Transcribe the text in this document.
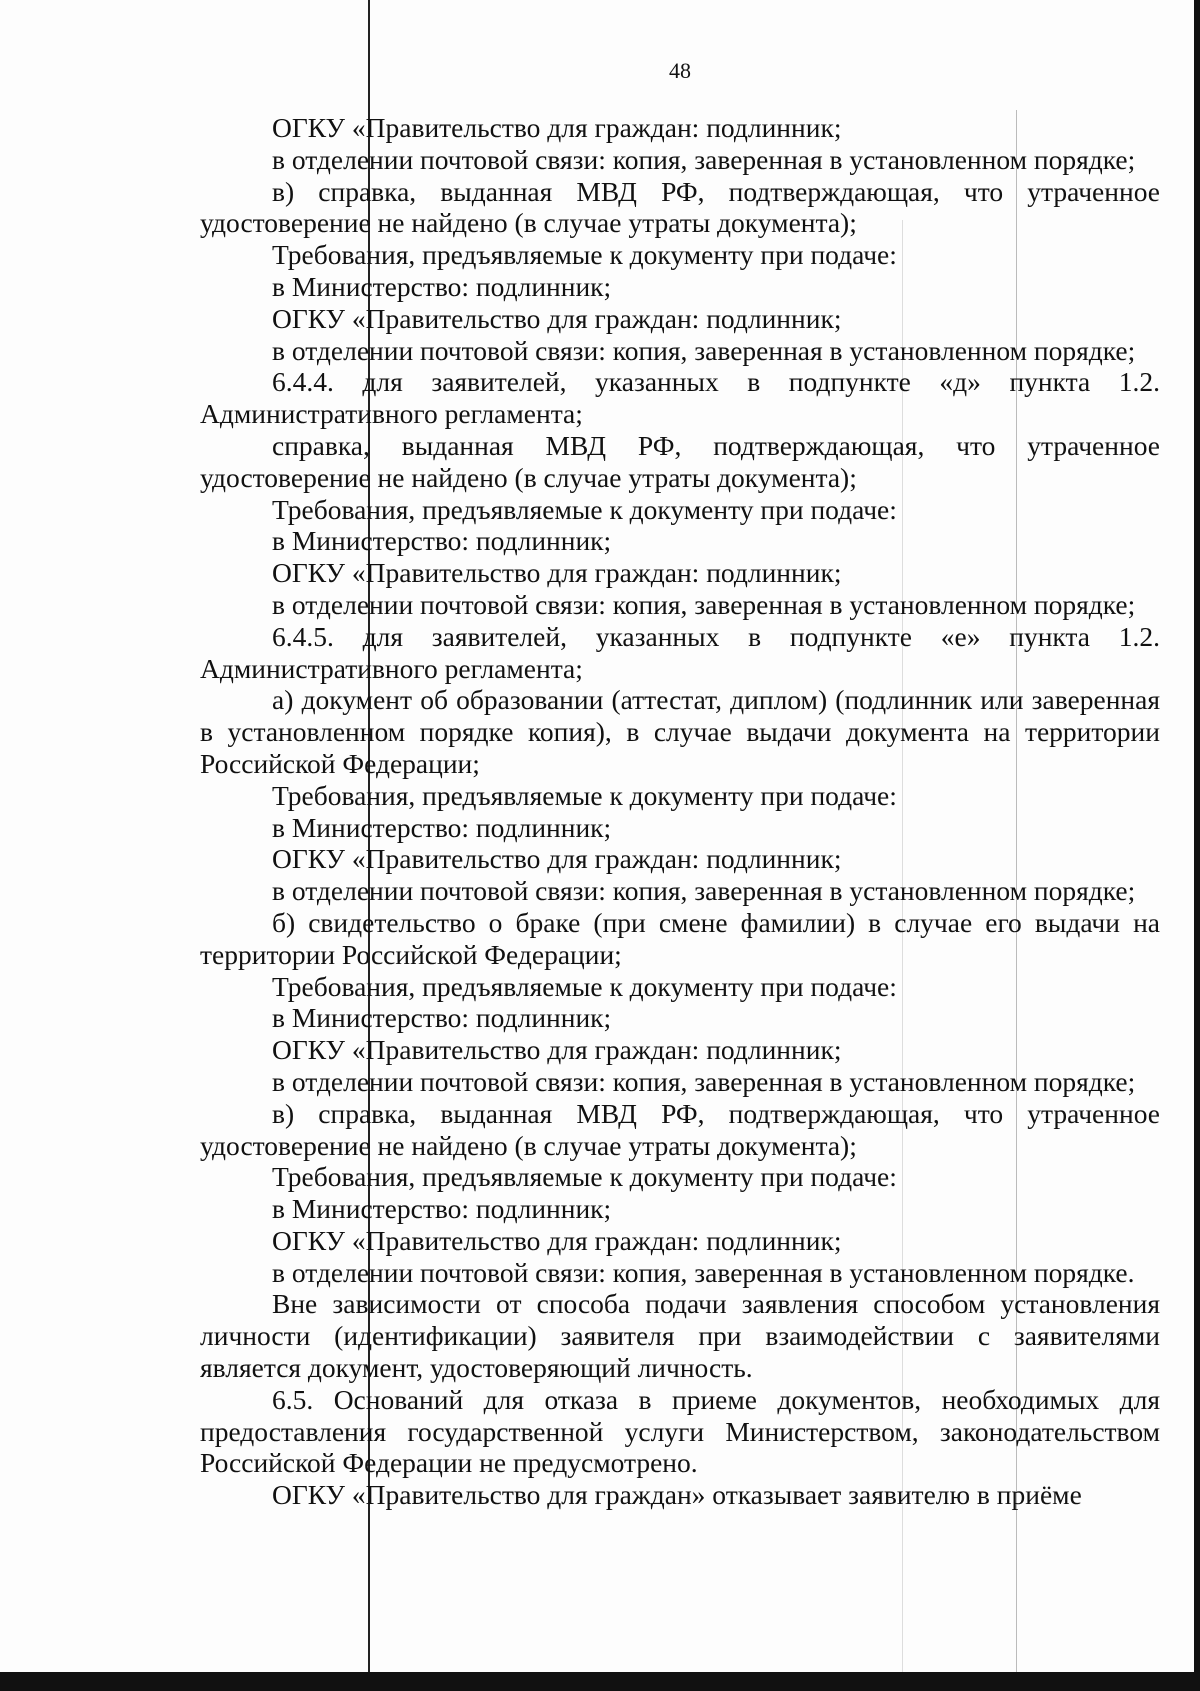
48

ОГКУ «Правительство для граждан: подлинник;

в отделении почтовой связи: копия, заверенная в установленном порядке;

в) справка, выданная МВД РФ, подтверждающая, что утраченное удостоверение не найдено (в случае утраты документа);

Требования, предъявляемые к документу при подаче:

в Министерство: подлинник;

ОГКУ «Правительство для граждан: подлинник;

в отделении почтовой связи: копия, заверенная в установленном порядке;

6.4.4. для заявителей, указанных в подпункте «д» пункта 1.2. Административного регламента;

справка, выданная МВД РФ, подтверждающая, что утраченное удостоверение не найдено (в случае утраты документа);

Требования, предъявляемые к документу при подаче:

в Министерство: подлинник;

ОГКУ «Правительство для граждан: подлинник;

в отделении почтовой связи: копия, заверенная в установленном порядке;

6.4.5. для заявителей, указанных в подпункте «е» пункта 1.2. Административного регламента;

а) документ об образовании (аттестат, диплом) (подлинник или заверенная в установленном порядке копия), в случае выдачи документа на территории Российской Федерации;

Требования, предъявляемые к документу при подаче:

в Министерство: подлинник;

ОГКУ «Правительство для граждан: подлинник;

в отделении почтовой связи: копия, заверенная в установленном порядке;

б) свидетельство о браке (при смене фамилии) в случае его выдачи на территории Российской Федерации;

Требования, предъявляемые к документу при подаче:

в Министерство: подлинник;

ОГКУ «Правительство для граждан: подлинник;

в отделении почтовой связи: копия, заверенная в установленном порядке;

в) справка, выданная МВД РФ, подтверждающая, что утраченное удостоверение не найдено (в случае утраты документа);

Требования, предъявляемые к документу при подаче:

в Министерство: подлинник;

ОГКУ «Правительство для граждан: подлинник;

в отделении почтовой связи: копия, заверенная в установленном порядке.

Вне зависимости от способа подачи заявления способом установления личности (идентификации) заявителя при взаимодействии с заявителями является документ, удостоверяющий личность.

6.5. Оснований для отказа в приеме документов, необходимых для предоставления государственной услуги Министерством, законодательством Российской Федерации не предусмотрено.

ОГКУ «Правительство для граждан» отказывает заявителю в приёме
